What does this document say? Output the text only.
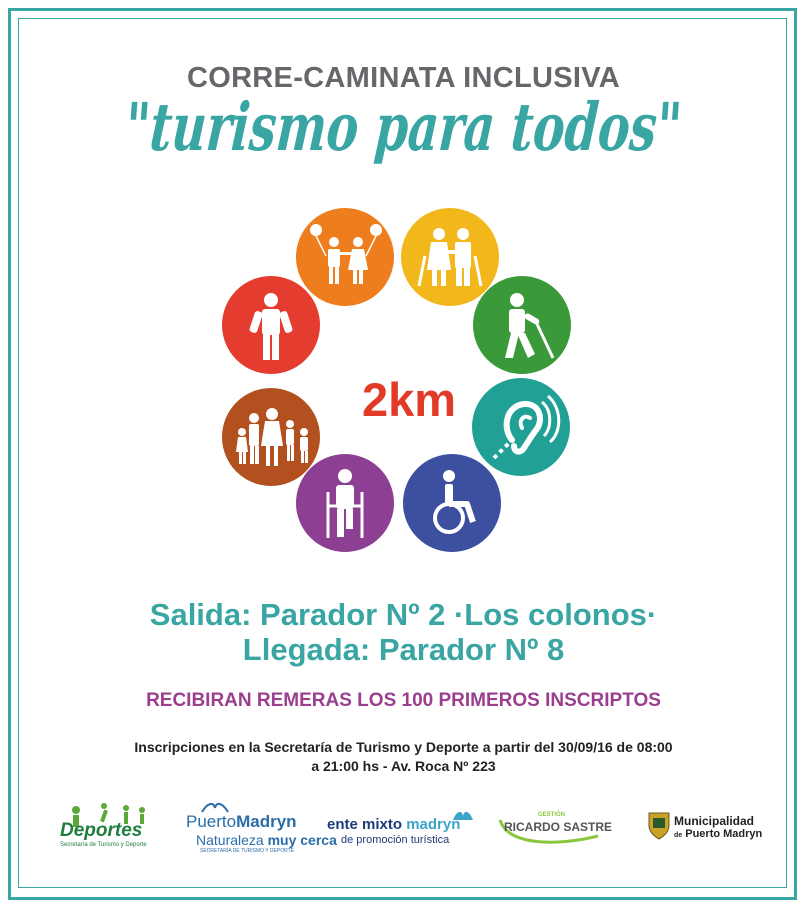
CORRE-CAMINATA INCLUSIVA
"turismo para todos"
2km
Salida: Parador Nº 2 ·Los colonos·
Llegada: Parador Nº 8
RECIBIRAN REMERAS LOS 100 PRIMEROS INSCRIPTOS
Inscripciones en la Secretaría de Turismo y Deporte a partir del 30/09/16 de 08:00
a 21:00 hs - Av. Roca Nº 223
Deportes
Secretaría de Turismo y Deporte
PuertoMadryn
Naturaleza muy cerca
SECRETARÍA DE TURISMO Y DEPORTE
ente mixto madryn
de promoción turística
GESTIÓN
RICARDO SASTRE	Municipalidad
de Puerto Madryn
